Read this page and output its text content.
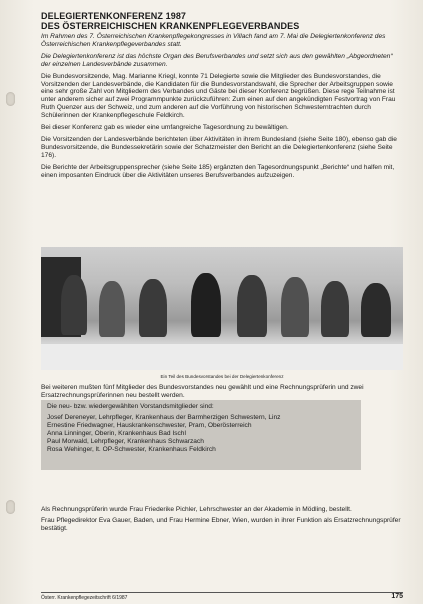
DELEGIERTENKONFERENZ 1987
DES ÖSTERREICHISCHEN KRANKENPFLEGEVERBANDES

Im Rahmen des 7. Österreichischen Krankenpflegekongresses in Villach fand am 7. Mai die Delegiertenkonferenz des Österreichischen Krankenpflegeverbandes statt.

Die Delegiertenkonferenz ist das höchste Organ des Berufsverbandes und setzt sich aus den gewählten „Abgeordneten“ der einzelnen Landesverbände zusammen.

Die Bundesvorsitzende, Mag. Marianne Kriegl, konnte 71 Delegierte sowie die Mitglieder des Bundesvorstandes, die Vorsitzenden der Landesverbände, die Kandidaten für die Bundesvorstandswahl, die Sprecher der Arbeitsgruppen sowie eine sehr große Zahl von Mitgliedern des Verbandes und Gäste bei dieser Konferenz begrüßen. Diese rege Teilnahme ist unter anderem sicher auf zwei Programmpunkte zurückzuführen: Zum einen auf den angekündigten Festvortrag von Frau Ruth Quenzer aus der Schweiz, und zum anderen auf die Vorführung von historischen Schwesterntrachten durch Schülerinnen der Krankenpflegeschule Feldkirch.

Bei dieser Konferenz gab es wieder eine umfangreiche Tagesordnung zu bewältigen.

Die Vorsitzenden der Landesverbände berichteten über Aktivitäten in ihrem Bundesland (siehe Seite 180), ebenso gab die Bundesvorsitzende, die Bundessekretärin sowie der Schatzmeister den Bericht an die Delegiertenkonferenz (siehe Seite 176).

Die Berichte der Arbeitsgruppensprecher (siehe Seite 185) ergänzten den Tagesordnungspunkt „Berichte“ und halfen mit, einen imposanten Eindruck über die Aktivitäten unseres Berufsverbandes aufzuzeigen.

Ein Teil des Bundesvorstandes bei der Delegiertenkonferenz
Bei weiteren mußten fünf Mitglieder des Bundesvorstandes neu gewählt und eine Rechnungsprüferin und zwei Ersatzrechnungsprüferinnen neu bestellt werden.
Die neu- bzw. wiedergewählten Vorstandsmitglieder sind:
Josef Dereneyer, Lehrpfleger, Krankenhaus der Barmherzigen Schwestern, Linz
Ernestine Friedwagner, Hauskrankenschwester, Pram, Oberösterreich
Anna Linninger, Oberin, Krankenhaus Bad Ischl
Paul Morwald, Lehrpfleger, Krankenhaus Schwarzach
Rosa Wehinger, lt. OP-Schwester, Krankenhaus Feldkirch

Als Rechnungsprüferin wurde Frau Friederike Pichler, Lehrschwester an der Akademie in Mödling, bestellt.

Frau Pflegedirektor Eva Gauer, Baden, und Frau Hermine Ebner, Wien, wurden in ihrer Funktion als Ersatzrechnungsprüfer bestätigt.

Österr. Krankenpflegezeitschrift 6/1987	175
